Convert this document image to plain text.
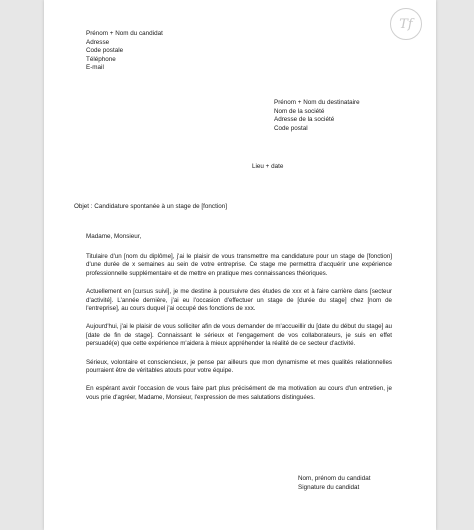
Tf
Prénom + Nom du candidat
Adresse
Code postale
Téléphone
E-mail
Prénom + Nom du destinataire
Nom de la société
Adresse de la société
Code postal
Lieu + date
Objet : Candidature spontanée à un stage de [fonction]
Madame, Monsieur,

Titulaire d'un [nom du diplôme], j'ai le plaisir de vous transmettre ma candidature pour un stage de [fonction] d'une durée de x semaines au sein de votre entreprise. Ce stage me permettra d'acquérir une expérience professionnelle supplémentaire et de mettre en pratique mes connaissances théoriques.

Actuellement en [cursus suivi], je me destine à poursuivre des études de xxx et à faire carrière dans [secteur d'activité]. L'année dernière, j'ai eu l'occasion d'effectuer un stage de [durée du stage] chez [nom de l'entreprise], au cours duquel j'ai occupé des fonctions de xxx.

Aujourd'hui, j'ai le plaisir de vous solliciter afin de vous demander de m'accueillir du [date du début du stage] au [date de fin de stage]. Connaissant le sérieux et l'engagement de vos collaborateurs, je suis en effet persuadé(e) que cette expérience m'aidera à mieux appréhender la réalité de ce secteur d'activité.

Sérieux, volontaire et consciencieux, je pense par ailleurs que mon dynamisme et mes qualités relationnelles pourraient être de véritables atouts pour votre équipe.

En espérant avoir l'occasion de vous faire part plus précisément de ma motivation au cours d'un entretien, je vous prie d'agréer, Madame, Monsieur, l'expression de mes salutations distinguées.

Nom, prénom du candidat
Signature du candidat
